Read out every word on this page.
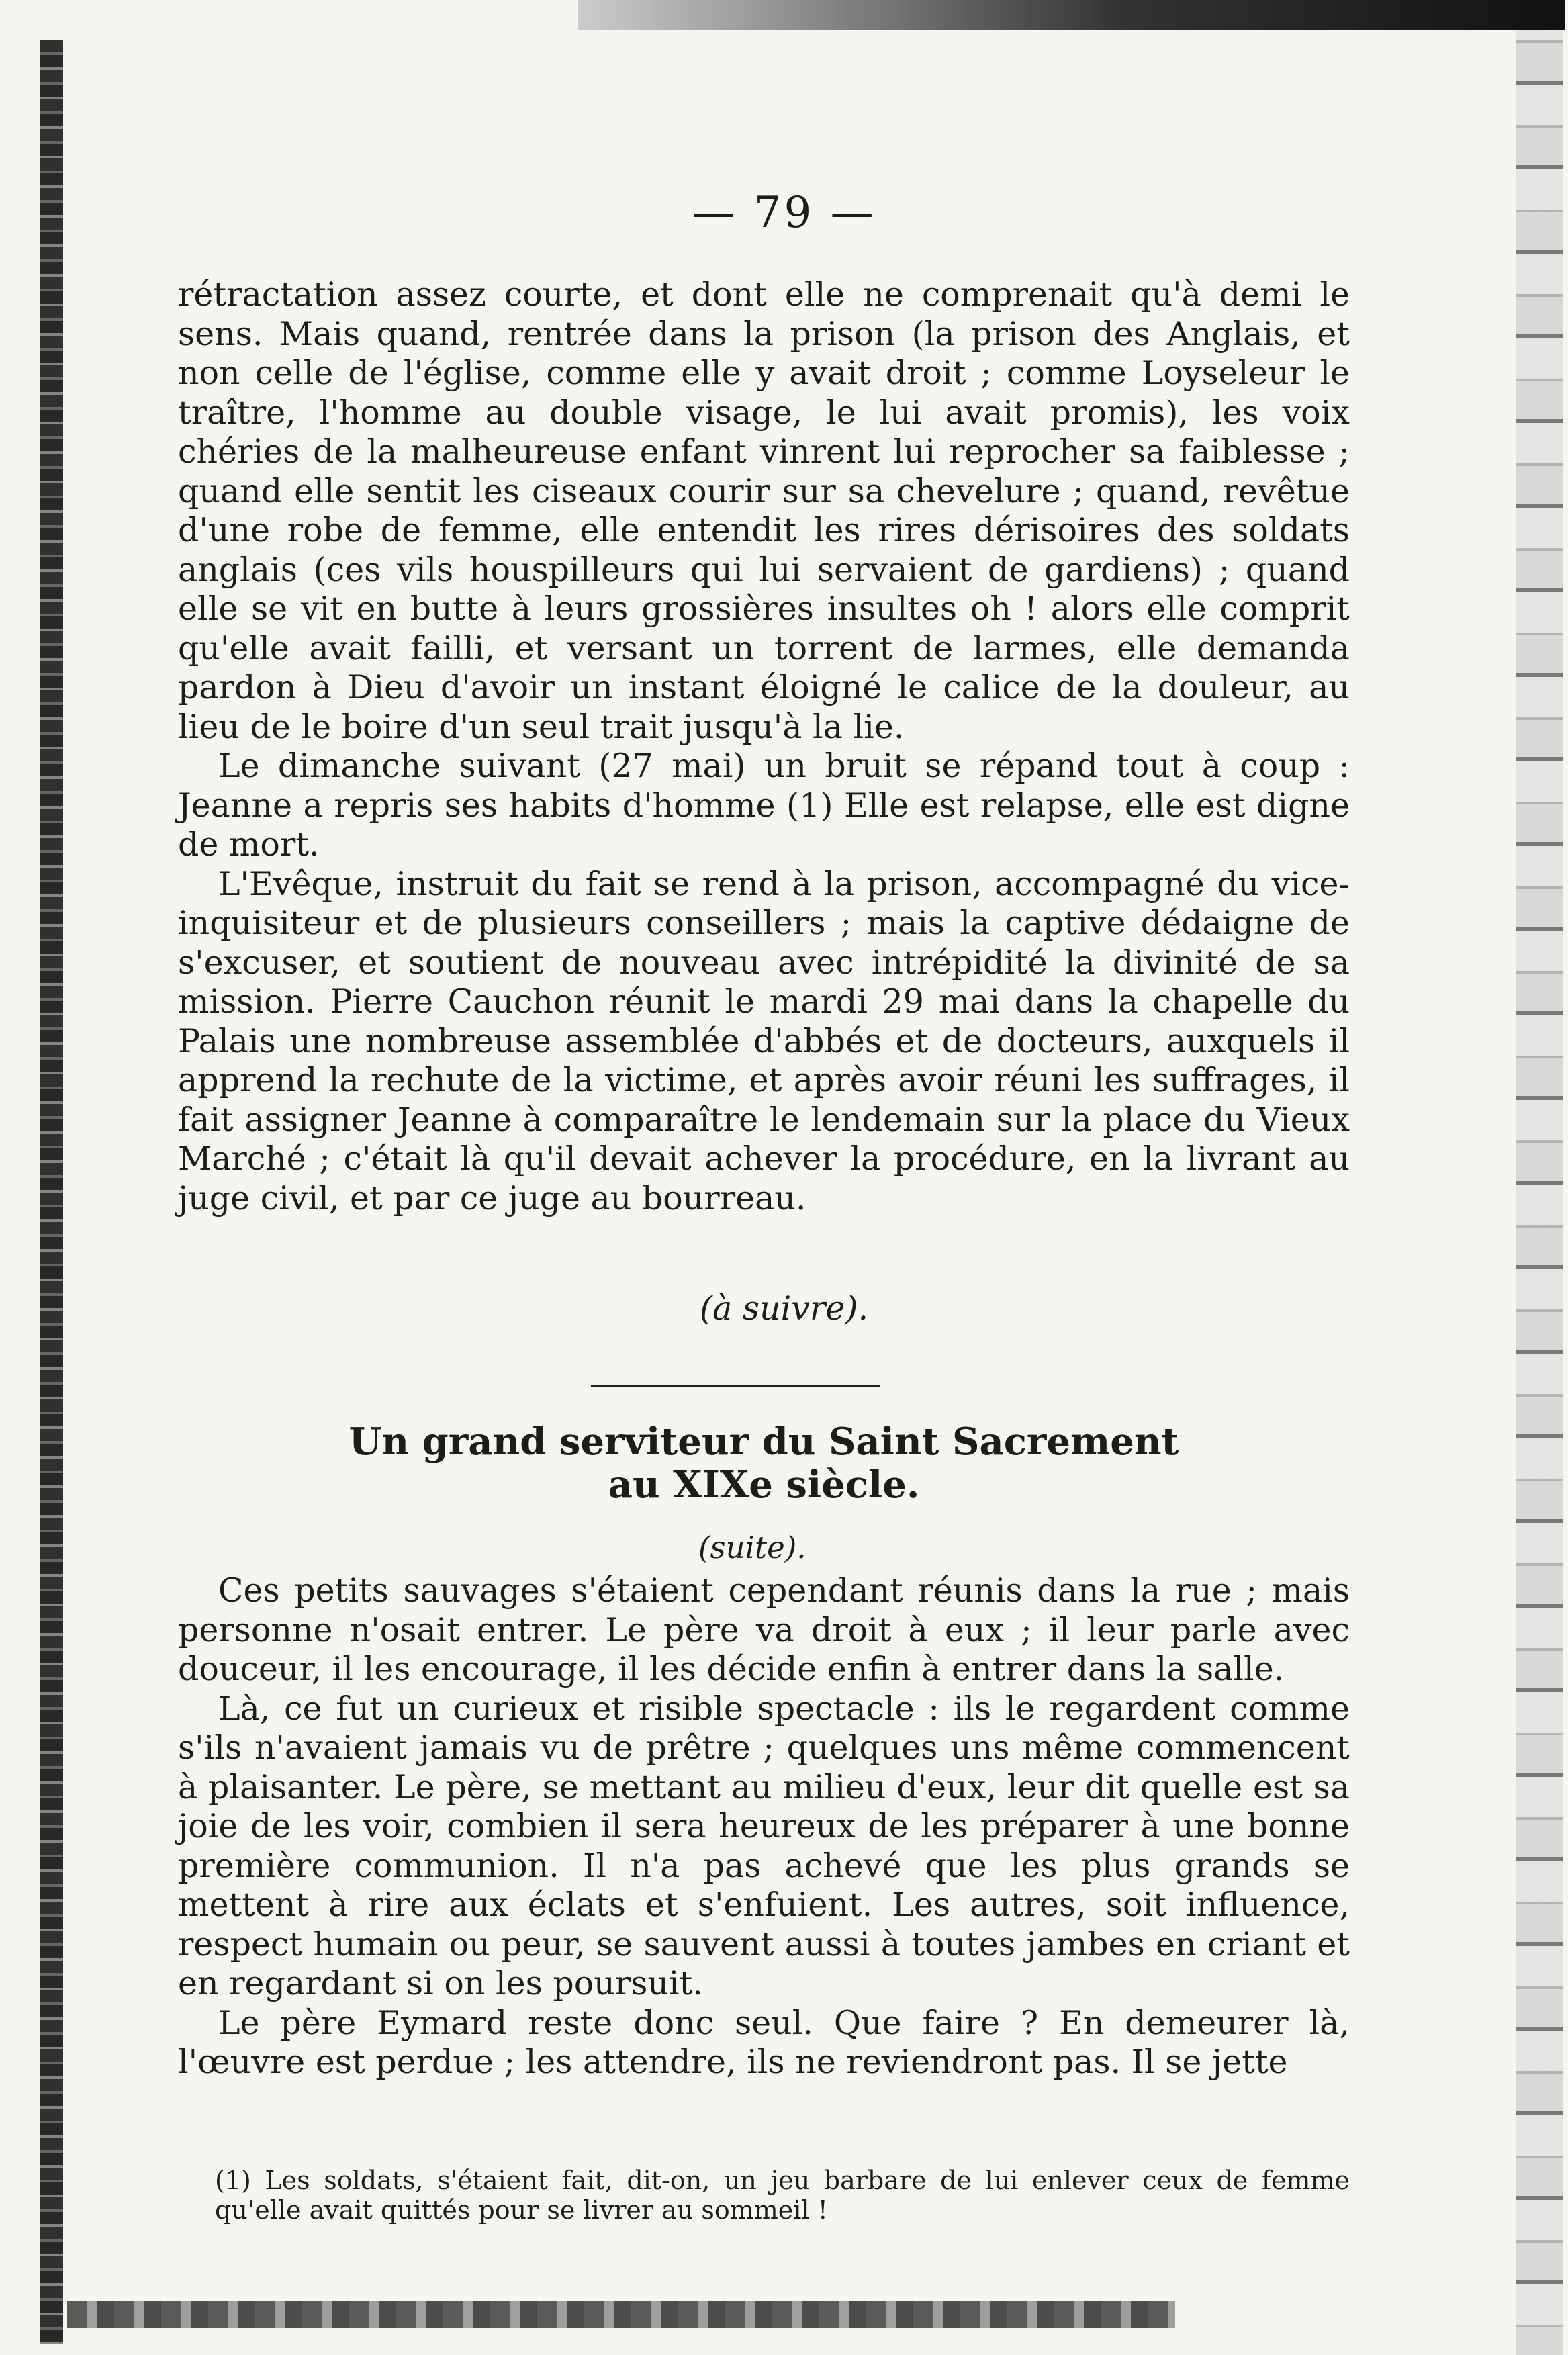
— 79 —

rétractation assez courte, et dont elle ne comprenait qu'à demi le sens. Mais quand, rentrée dans la prison (la prison des Anglais, et non celle de l'église, comme elle y avait droit ; comme Loyseleur le traître, l'homme au double visage, le lui avait promis), les voix chéries de la malheureuse enfant vinrent lui reprocher sa faiblesse ; quand elle sentit les ciseaux courir sur sa chevelure ; quand, revêtue d'une robe de femme, elle entendit les rires dérisoires des soldats anglais (ces vils houspilleurs qui lui servaient de gardiens) ; quand elle se vit en butte à leurs grossières insultes oh ! alors elle comprit qu'elle avait failli, et versant un torrent de larmes, elle demanda pardon à Dieu d'avoir un instant éloigné le calice de la douleur, au lieu de le boire d'un seul trait jusqu'à la lie.

Le dimanche suivant (27 mai) un bruit se répand tout à coup : Jeanne a repris ses habits d'homme (1) Elle est relapse, elle est digne de mort.

L'Evêque, instruit du fait se rend à la prison, accompagné du vice-inquisiteur et de plusieurs conseillers ; mais la captive dédaigne de s'excuser, et soutient de nouveau avec intrépidité la divinité de sa mission. Pierre Cauchon réunit le mardi 29 mai dans la chapelle du Palais une nombreuse assemblée d'abbés et de docteurs, auxquels il apprend la rechute de la victime, et après avoir réuni les suffrages, il fait assigner Jeanne à comparaître le lendemain sur la place du Vieux Marché ; c'était là qu'il devait achever la procédure, en la livrant au juge civil, et par ce juge au bourreau.

(à suivre).
Un grand serviteur du Saint Sacrement
au XIXe siècle.
(suite).

Ces petits sauvages s'étaient cependant réunis dans la rue ; mais personne n'osait entrer. Le père va droit à eux ; il leur parle avec douceur, il les encourage, il les décide enfin à entrer dans la salle.

Là, ce fut un curieux et risible spectacle : ils le regardent comme s'ils n'avaient jamais vu de prêtre ; quelques uns même commencent à plaisanter. Le père, se mettant au milieu d'eux, leur dit quelle est sa joie de les voir, combien il sera heureux de les préparer à une bonne première communion. Il n'a pas achevé que les plus grands se mettent à rire aux éclats et s'enfuient. Les autres, soit influence, respect humain ou peur, se sauvent aussi à toutes jambes en criant et en regardant si on les poursuit.

Le père Eymard reste donc seul. Que faire ? En demeurer là, l'œuvre est perdue ; les attendre, ils ne reviendront pas. Il se jette

(1) Les soldats, s'étaient fait, dit-on, un jeu barbare de lui enlever ceux de femme qu'elle avait quittés pour se livrer au sommeil !
